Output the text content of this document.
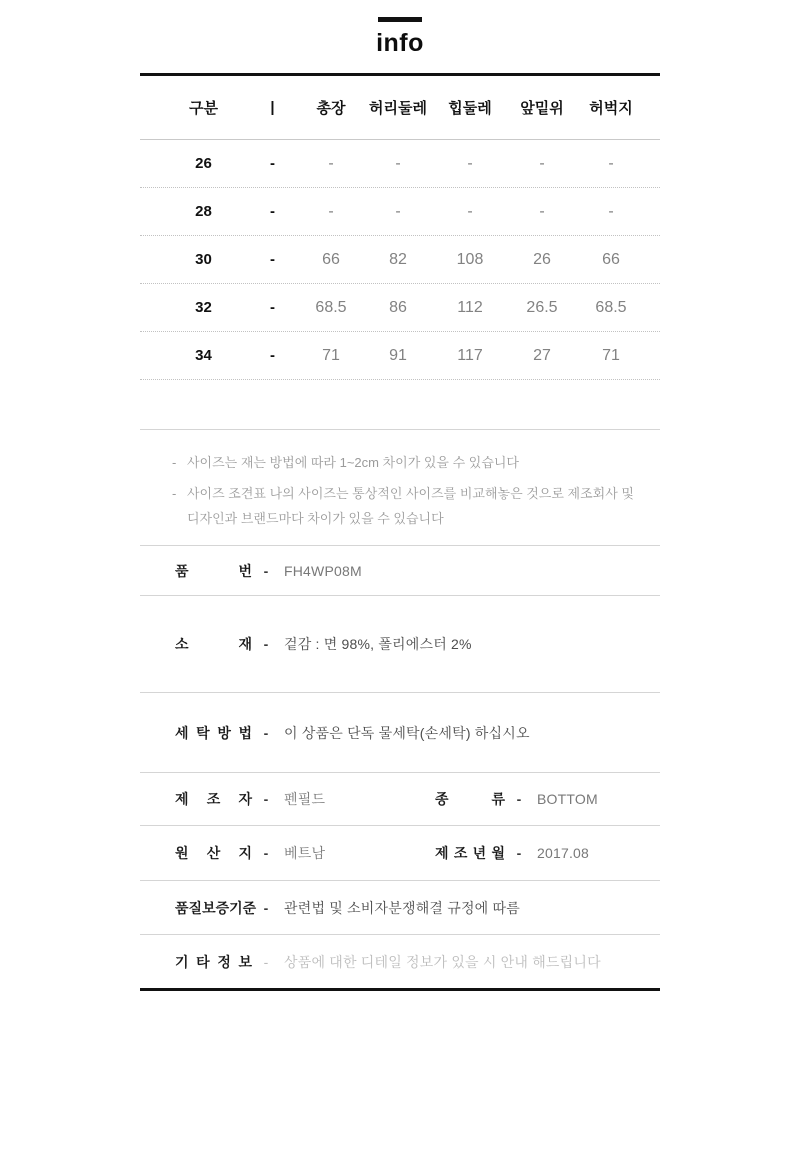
info
구분	|	총장	허리둘레	힙둘레	앞밑위	허벅지
26	-	-	-	-	-	-
28	-	-	-	-	-	-
30	-	66	82	108	26	66
32	-	68.5	86	112	26.5	68.5
34	-	71	91	117	27	71
- 사이즈는 재는 방법에 따라 1~2cm 차이가 있을 수 있습니다
- 사이즈 조견표 나의 사이즈는 통상적인 사이즈를 비교해놓은 것으로 제조회사 및 디자인과 브랜드마다 차이가 있을 수 있습니다
품	번 -	FH4WP08M
소	재 -	겉감 : 면 98%, 폴리에스터 2%
세 탁 방 법 -	이 상품은 단독 물세탁(손세탁) 하십시오
제 조 자 -	펜필드	종	류 -	BOTTOM
원 산 지 -	베트남	제 조 년 월 -	2017.08
품 질 보 증 기 준 -	관련법 및 소비자분쟁해결 규정에 따름
기 타 정 보 -	상품에 대한 디테일 정보가 있을 시 안내 해드립니다
